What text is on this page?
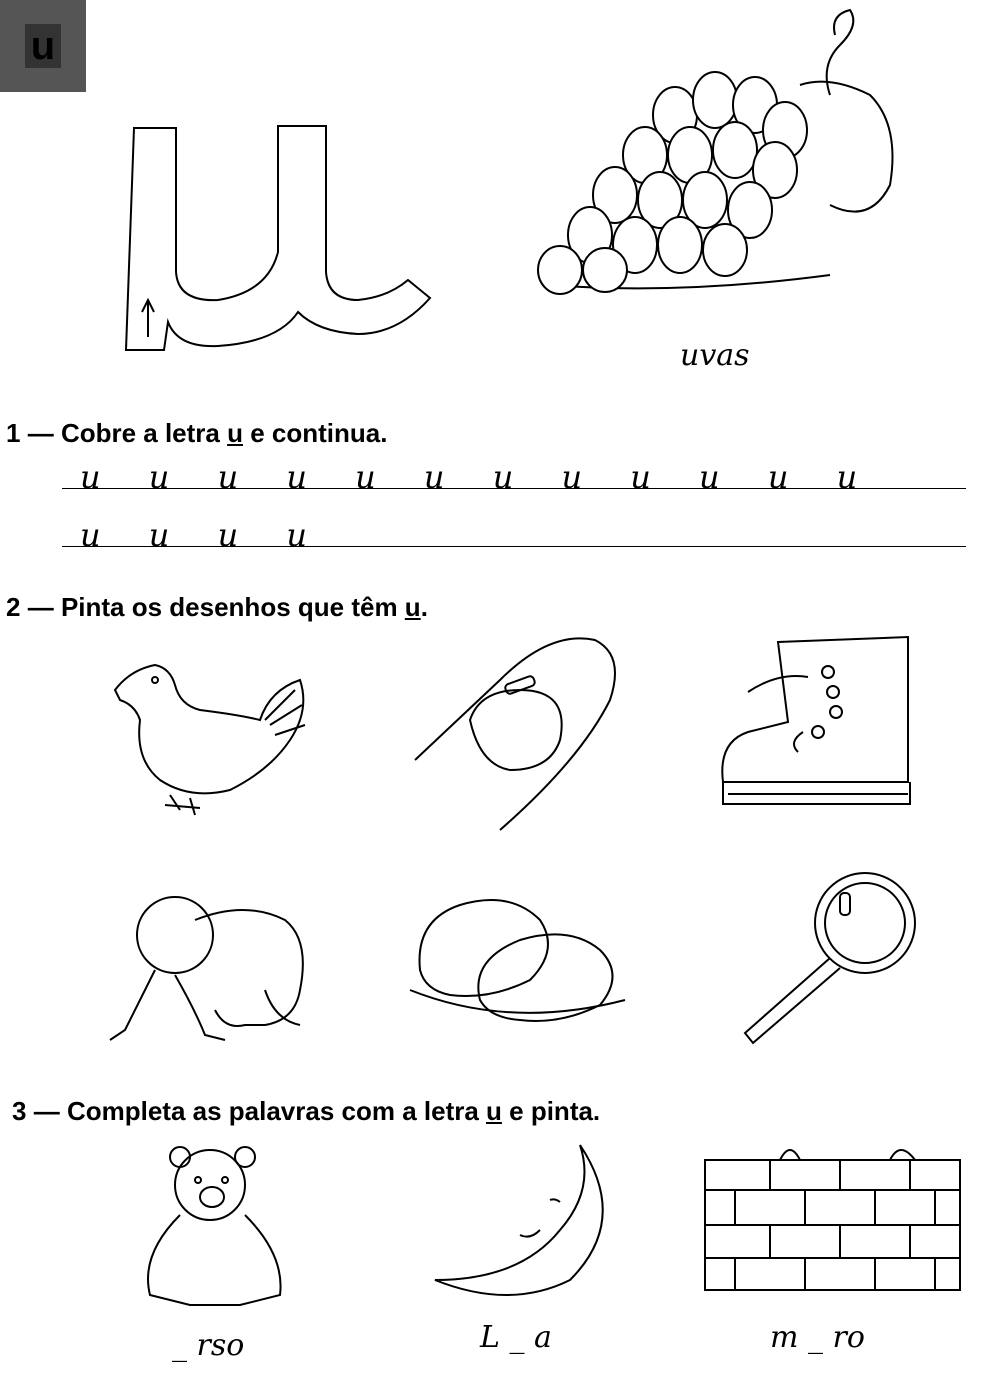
u
uvas
1 — Cobre a letra u e continua.
u u u u u u u u u u u u
u u u u
2 — Pinta os desenhos que têm u.
3 — Completa as palavras com a letra u e pinta.
_ rso	L _ a	m _ ro
